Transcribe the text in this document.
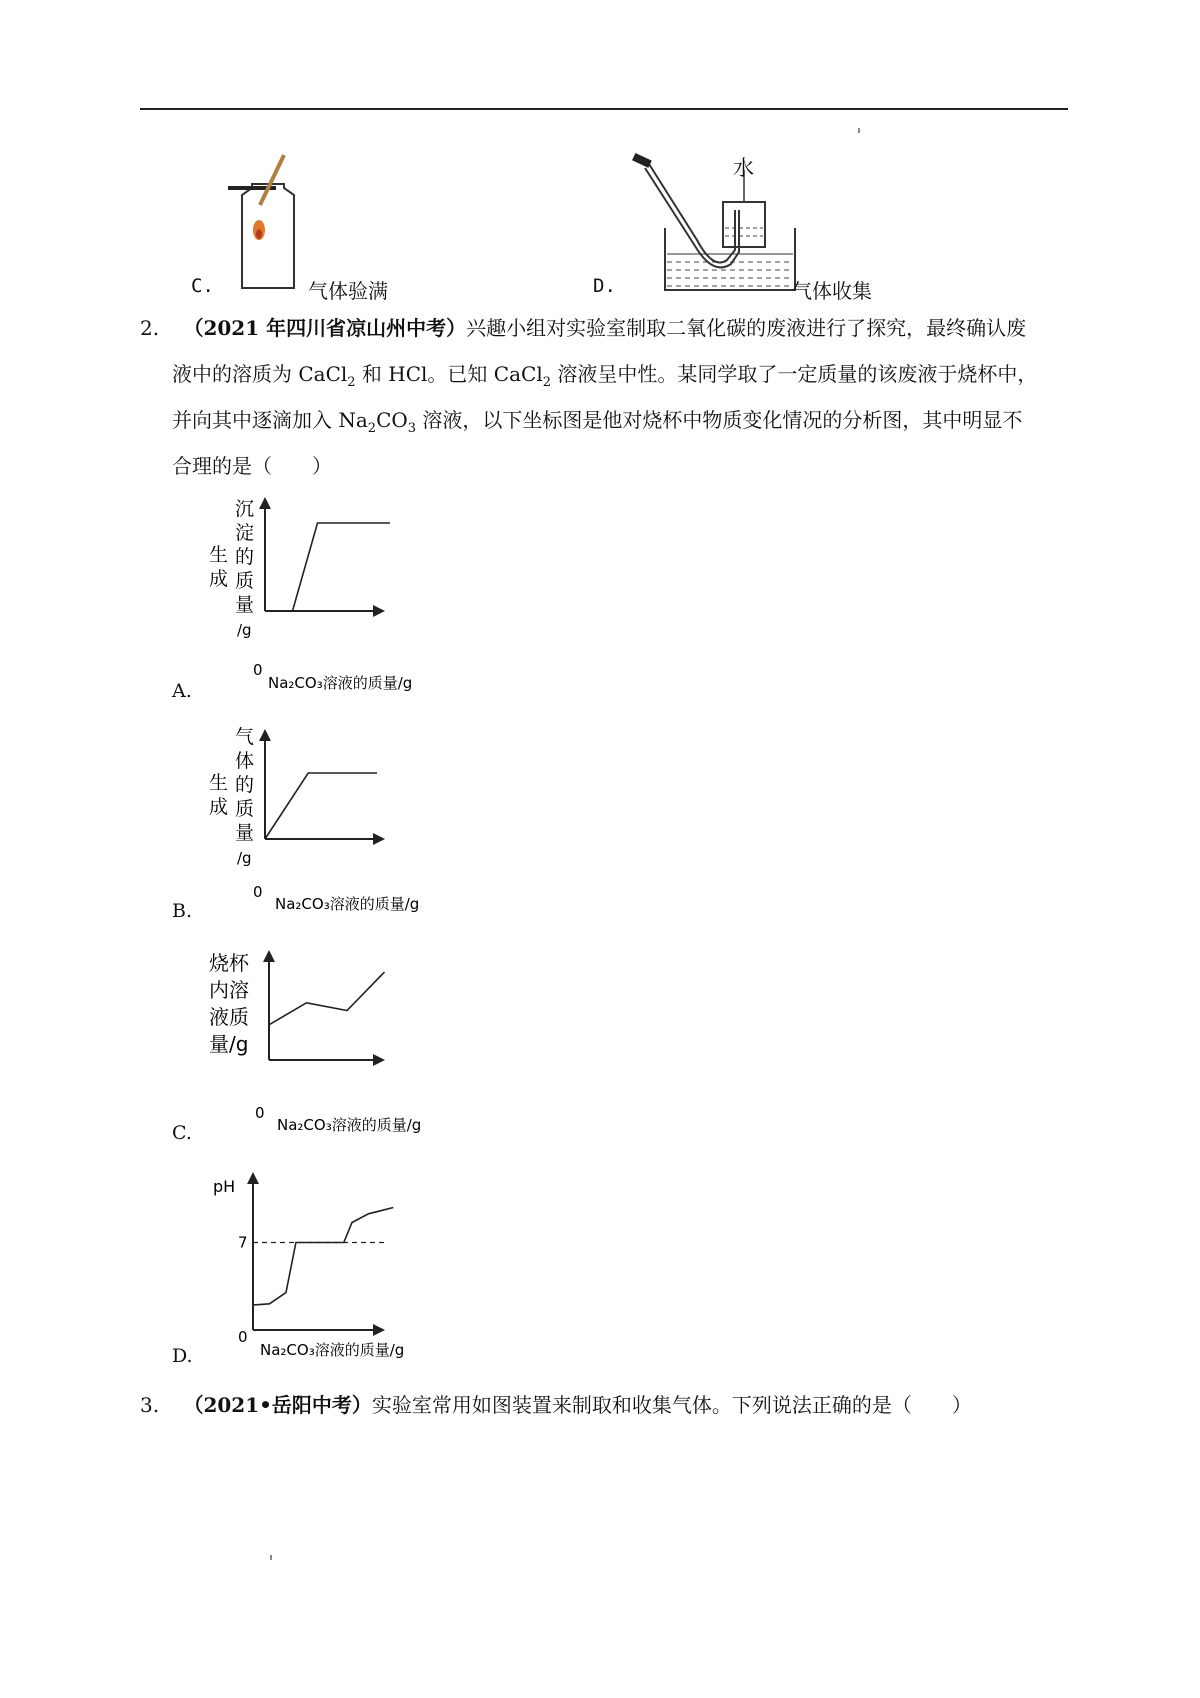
C.	气体验满	D.
水
气体收集
2. （2021 年四川省凉山州中考）兴趣小组对实验室制取二氧化碳的废液进行了探究，最终确认废
液中的溶质为 CaCl$_2$ 和 HCl。已知 CaCl$_2$ 溶液呈中性。某同学取了一定质量的该废液于烧杯中，
并向其中逐滴加入 $Na_2CO_3$ 溶液，以下坐标图是他对烧杯中物质变化情况的分析图，其中明显不
合理的是（　　）
A.
生
成
沉
淀
的
质
量
/g
0
Na₂CO₃溶液的质量/g
B.
生
成
气
体
的
质
量
/g
0
Na₂CO₃溶液的质量/g
C.
烧杯
内溶
液质
量/g
0
Na₂CO₃溶液的质量/g
D.
pH
7
0
Na₂CO₃溶液的质量/g
3. （2021•岳阳中考）实验室常用如图装置来制取和收集气体。下列说法正确的是（　　）
